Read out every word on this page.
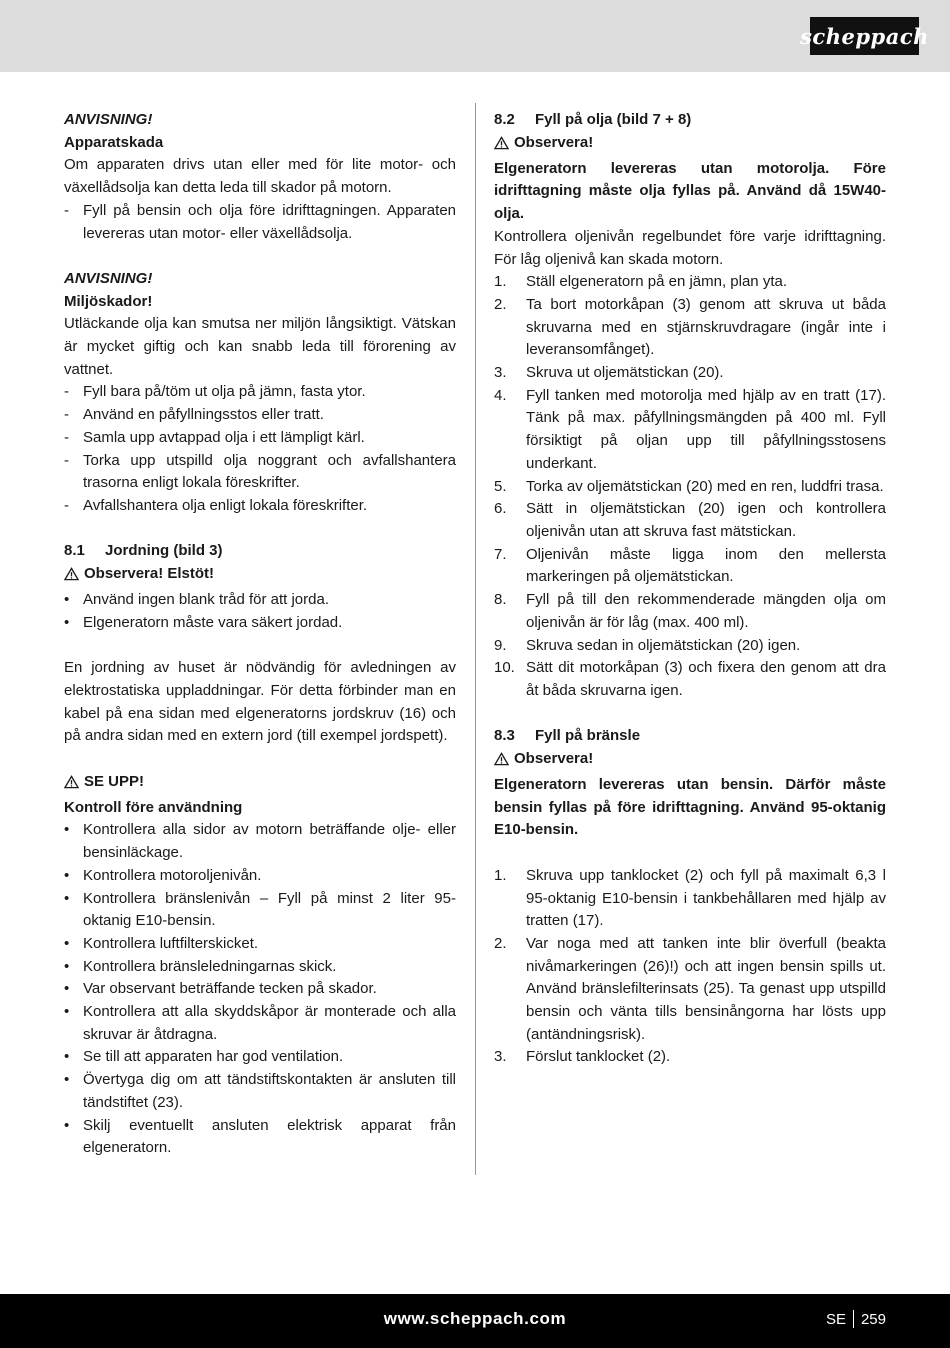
scheppach
ANVISNING!
Apparatskada

Om apparaten drivs utan eller med för lite motor- och växellådsolja kan detta leda till skador på motorn.

- Fyll på bensin och olja före idrifttagningen. Apparaten levereras utan motor- eller växellådsolja.
ANVISNING!
Miljöskador!

Utläckande olja kan smutsa ner miljön långsiktigt. Vätskan är mycket giftig och kan snabb leda till förorening av vattnet.

- Fyll bara på/töm ut olja på jämn, fasta ytor.
- Använd en påfyllningsstos eller tratt.
- Samla upp avtappad olja i ett lämpligt kärl.
- Torka upp utspilld olja noggrant och avfallshantera trasorna enligt lokala föreskrifter.
- Avfallshantera olja enligt lokala föreskrifter.
8.1	Jordning (bild 3)
Observera! Elstöt!
• Använd ingen blank tråd för att jorda.
• Elgeneratorn måste vara säkert jordad.

En jordning av huset är nödvändig för avledningen av elektrostatiska uppladdningar. För detta förbinder man en kabel på ena sidan med elgeneratorns jordskruv (16) och på andra sidan med en extern jord (till exempel jordspett).

SE UPP!
Kontroll före användning
• Kontrollera alla sidor av motorn beträffande olje- eller bensinläckage.
• Kontrollera motoroljenivån.
• Kontrollera bränslenivån – Fyll på minst 2 liter 95-oktanig E10-bensin.
• Kontrollera luftfilterskicket.
• Kontrollera bränsleledningarnas skick.
• Var observant beträffande tecken på skador.
• Kontrollera att alla skyddskåpor är monterade och alla skruvar är åtdragna.
• Se till att apparaten har god ventilation.
• Övertyga dig om att tändstiftskontakten är ansluten till tändstiftet (23).
• Skilj eventuellt ansluten elektrisk apparat från elgeneratorn.
8.2	Fyll på olja (bild 7 + 8)
Observera!

Elgeneratorn levereras utan motorolja. Före idrifttagning måste olja fyllas på. Använd då 15W40-olja.

Kontrollera oljenivån regelbundet före varje idrifttagning. För låg oljenivå kan skada motorn.

1.	Ställ elgeneratorn på en jämn, plan yta.
2.	Ta bort motorkåpan (3) genom att skruva ut båda skruvarna med en stjärnskruvdragare (ingår inte i leveransomfånget).
3.	Skruva ut oljemätstickan (20).
4.	Fyll tanken med motorolja med hjälp av en tratt (17). Tänk på max. påfyllningsmängden på 400 ml. Fyll försiktigt på oljan upp till påfyllningsstosens underkant.
5.	Torka av oljemätstickan (20) med en ren, luddfri trasa.
6.	Sätt in oljemätstickan (20) igen och kontrollera oljenivån utan att skruva fast mätstickan.
7.	Oljenivån måste ligga inom den mellersta markeringen på oljemätstickan.
8.	Fyll på till den rekommenderade mängden olja om oljenivån är för låg (max. 400 ml).
9.	Skruva sedan in oljemätstickan (20) igen.
10. Sätt dit motorkåpan (3) och fixera den genom att dra åt båda skruvarna igen.
8.3	Fyll på bränsle
Observera!

Elgeneratorn levereras utan bensin. Därför måste bensin fyllas på före idrifttagning. Använd 95-oktanig E10-bensin.

1.	Skruva upp tanklocket (2) och fyll på maximalt 6,3 l 95-oktanig E10-bensin i tankbehållaren med hjälp av tratten (17).
2.	Var noga med att tanken inte blir överfull (beakta nivåmarkeringen (26)!) och att ingen bensin spills ut. Använd bränslefilterinsats (25). Ta genast upp utspilld bensin och vänta tills bensinångorna har lösts upp (antändningsrisk).
3.	Förslut tanklocket (2).
www.scheppach.com	SE 259
